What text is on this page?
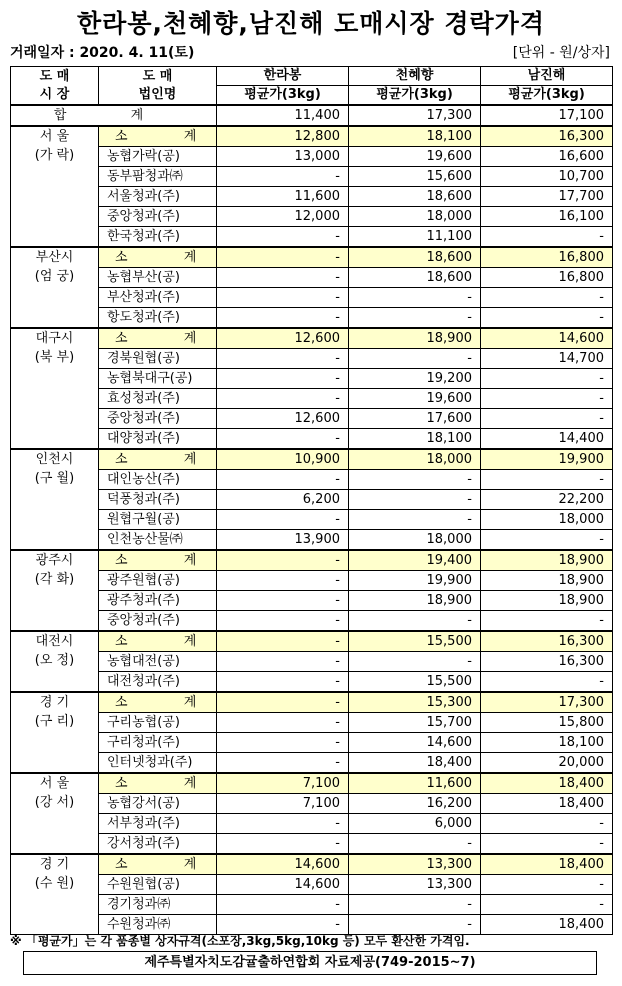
한라봉,천혜향,남진해 도매시장 경락가격
거래일자 : 2020. 4. 11(토)	[단위 - 원/상자]
도 매
시 장	도 매
법인명	한라봉	천혜향	남진해
		평균가(3kg)	평균가(3kg)	평균가(3kg)
합 계		11,400	17,300	17,100
서 울
(가 락)	소 계	12,800	18,100	16,300
	농협가락(공)	13,000	19,600	16,600
	동부팜청과㈜	-	15,600	10,700
	서울청과(주)	11,600	18,600	17,700
	중앙청과(주)	12,000	18,000	16,100
	한국청과(주)	-	11,100	-
부산시
(엄 궁)	소 계	-	18,600	16,800
	농협부산(공)	-	18,600	16,800
	부산청과(주)	-	-	-
	항도청과(주)	-	-	-
대구시
(북 부)	소 계	12,600	18,900	14,600
	경북원협(공)	-	-	14,700
	농협북대구(공)	-	19,200	-
	효성청과(주)	-	19,600	-
	중앙청과(주)	12,600	17,600	-
	대양청과(주)	-	18,100	14,400
인천시
(구 월)	소 계	10,900	18,000	19,900
	대인농산(주)	-	-	-
	덕풍청과(주)	6,200	-	22,200
	원협구월(공)	-	-	18,000
	인천농산물㈜	13,900	18,000	-
광주시
(각 화)	소 계	-	19,400	18,900
	광주원협(공)	-	19,900	18,900
	광주청과(주)	-	18,900	18,900
	중앙청과(주)	-	-	-
대전시
(오 정)	소 계	-	15,500	16,300
	농협대전(공)	-	-	16,300
	대전청과(주)	-	15,500	-
경 기
(구 리)	소 계	-	15,300	17,300
	구리농협(공)	-	15,700	15,800
	구리청과(주)	-	14,600	18,100
	인터넷청과(주)	-	18,400	20,000
서 울
(강 서)	소 계	7,100	11,600	18,400
	농협강서(공)	7,100	16,200	18,400
	서부청과(주)	-	6,000	-
	강서청과(주)	-	-	-
경 기
(수 원)	소 계	14,600	13,300	18,400
	수원원협(공)	14,600	13,300	-
	경기청과㈜	-	-	-
	수원청과㈜	-	-	18,400
※ 「평균가」는 각 품종별 상자규격(소포장,3kg,5kg,10kg 등) 모두 환산한 가격임.
제주특별자치도감귤출하연합회 자료제공(749-2015~7)
